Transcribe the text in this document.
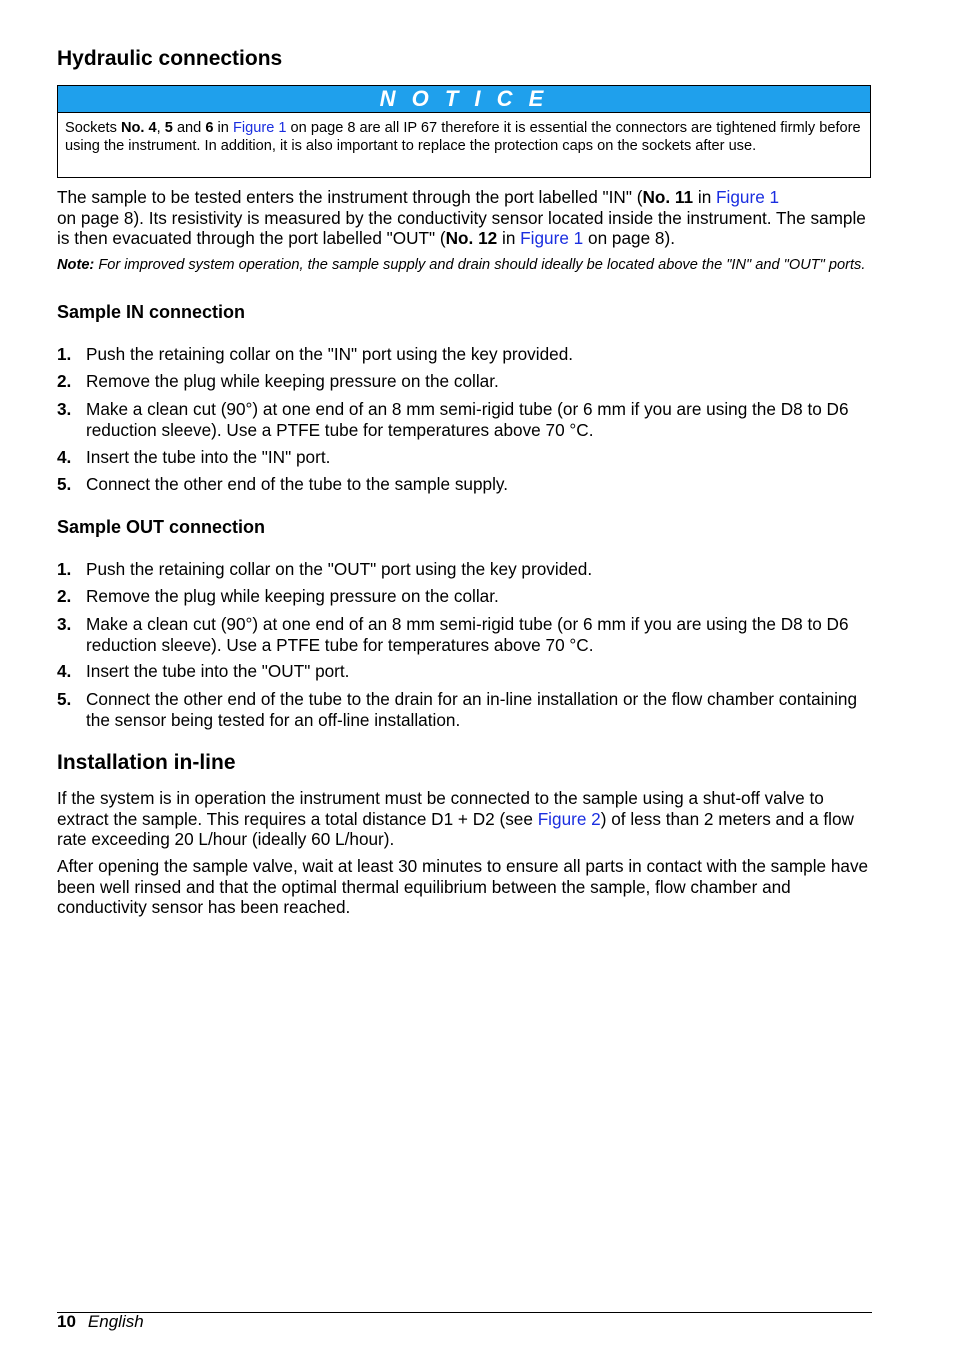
Hydraulic connections
N O T I C E
Sockets No. 4, 5 and 6 in Figure 1 on page 8 are all IP 67 therefore it is essential the connectors are tightened firmly before using the instrument. In addition, it is also important to replace the protection caps on the sockets after use.

The sample to be tested enters the instrument through the port labelled "IN" (No. 11 in Figure 1
on page 8). Its resistivity is measured by the conductivity sensor located inside the instrument. The sample is then evacuated through the port labelled "OUT" (No. 12 in Figure 1 on page 8).

Note: For improved system operation, the sample supply and drain should ideally be located above the "IN" and "OUT" ports.

Sample IN connection
1. Push the retaining collar on the "IN" port using the key provided.
2. Remove the plug while keeping pressure on the collar.
3. Make a clean cut (90°) at one end of an 8 mm semi-rigid tube (or 6 mm if you are using the D8 to D6 reduction sleeve). Use a PTFE tube for temperatures above 70 °C.
4. Insert the tube into the "IN" port.
5. Connect the other end of the tube to the sample supply.
Sample OUT connection
1. Push the retaining collar on the "OUT" port using the key provided.
2. Remove the plug while keeping pressure on the collar.
3. Make a clean cut (90°) at one end of an 8 mm semi-rigid tube (or 6 mm if you are using the D8 to D6 reduction sleeve). Use a PTFE tube for temperatures above 70 °C.
4. Insert the tube into the "OUT" port.
5. Connect the other end of the tube to the drain for an in-line installation or the flow chamber containing the sensor being tested for an off-line installation.
Installation in-line

If the system is in operation the instrument must be connected to the sample using a shut-off valve to extract the sample. This requires a total distance D1 + D2 (see Figure 2) of less than 2 meters and a flow rate exceeding 20 L/hour (ideally 60 L/hour).

After opening the sample valve, wait at least 30 minutes to ensure all parts in contact with the sample have been well rinsed and that the optimal thermal equilibrium between the sample, flow chamber and conductivity sensor has been reached.

10 English
